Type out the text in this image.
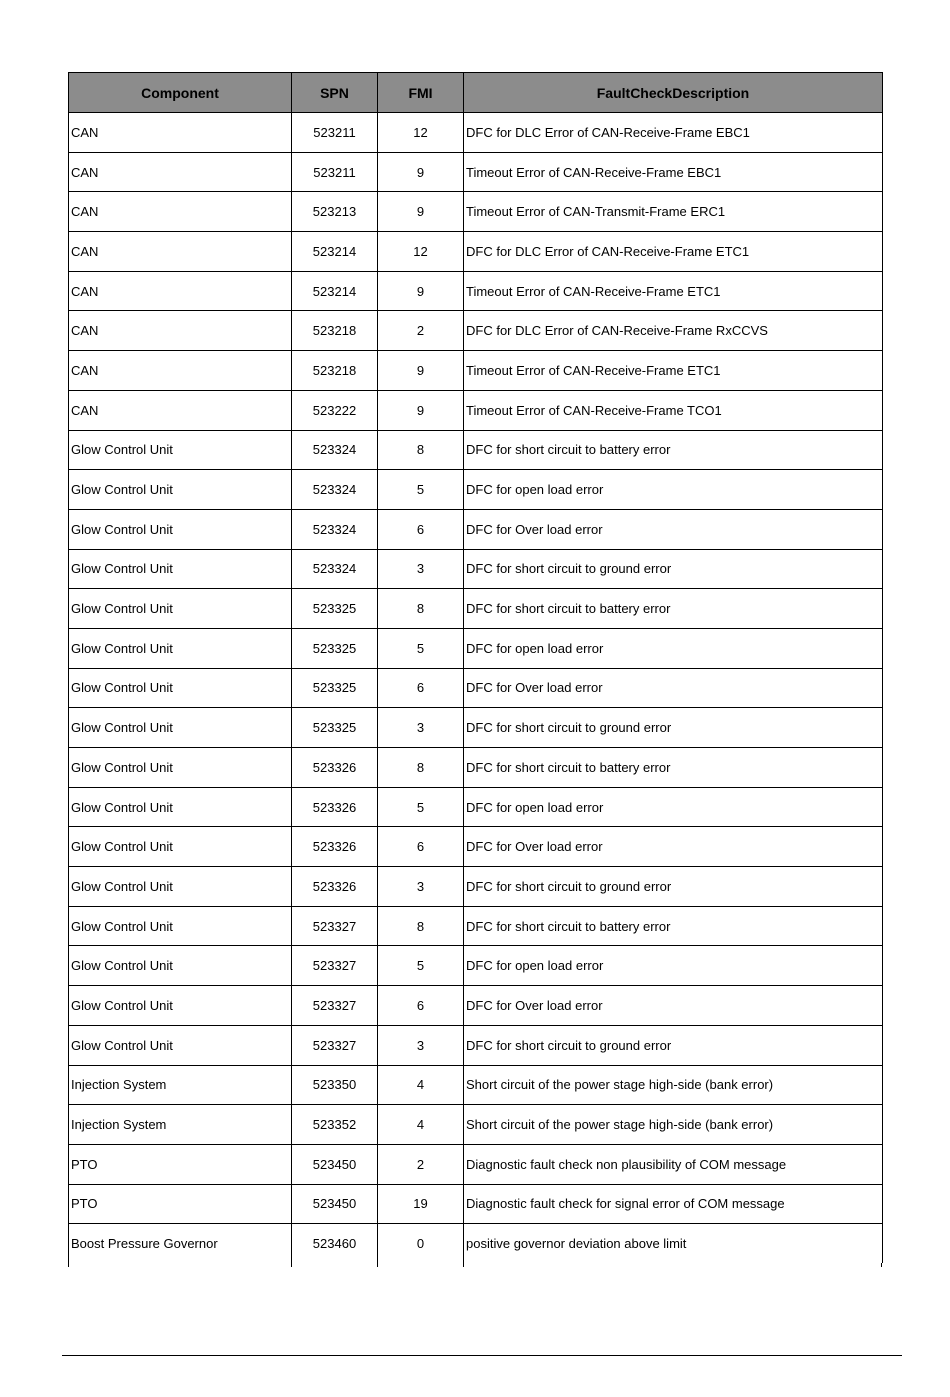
Component	SPN	FMI	FaultCheckDescription
CAN	523211	12	DFC for DLC Error of CAN-Receive-Frame EBC1
CAN	523211	9	Timeout Error of CAN-Receive-Frame EBC1
CAN	523213	9	Timeout Error of CAN-Transmit-Frame ERC1
CAN	523214	12	DFC for DLC Error of CAN-Receive-Frame ETC1
CAN	523214	9	Timeout Error of CAN-Receive-Frame ETC1
CAN	523218	2	DFC for DLC Error of CAN-Receive-Frame RxCCVS
CAN	523218	9	Timeout Error of CAN-Receive-Frame ETC1
CAN	523222	9	Timeout Error of CAN-Receive-Frame TCO1
Glow Control Unit	523324	8	DFC for short circuit to battery error
Glow Control Unit	523324	5	DFC for open load error
Glow Control Unit	523324	6	DFC for Over load error
Glow Control Unit	523324	3	DFC for short circuit to ground error
Glow Control Unit	523325	8	DFC for short circuit to battery error
Glow Control Unit	523325	5	DFC for open load error
Glow Control Unit	523325	6	DFC for Over load error
Glow Control Unit	523325	3	DFC for short circuit to ground error
Glow Control Unit	523326	8	DFC for short circuit to battery error
Glow Control Unit	523326	5	DFC for open load error
Glow Control Unit	523326	6	DFC for Over load error
Glow Control Unit	523326	3	DFC for short circuit to ground error
Glow Control Unit	523327	8	DFC for short circuit to battery error
Glow Control Unit	523327	5	DFC for open load error
Glow Control Unit	523327	6	DFC for Over load error
Glow Control Unit	523327	3	DFC for short circuit to ground error
Injection System	523350	4	Short circuit of the power stage high-side (bank error)
Injection System	523352	4	Short circuit of the power stage high-side (bank error)
PTO	523450	2	Diagnostic fault check non plausibility of COM message
PTO	523450	19	Diagnostic fault check for signal error of COM message
Boost Pressure Governor	523460	0	positive governor deviation above limit
